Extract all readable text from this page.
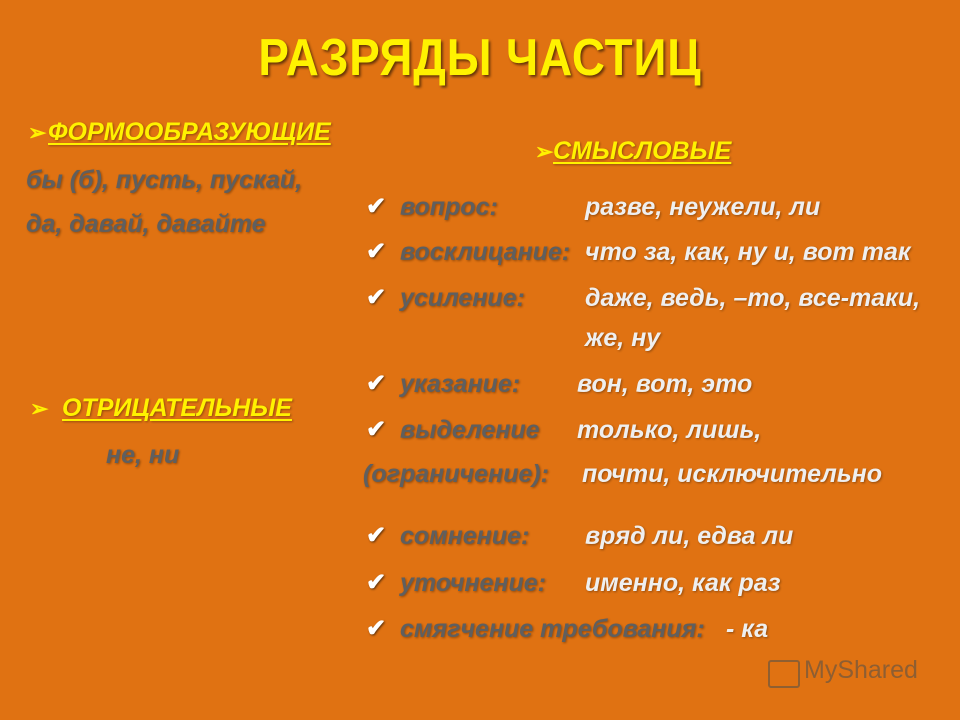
РАЗРЯДЫ ЧАСТИЦ
➢ ФОРМООБРАЗУЮЩИЕ
бы (б), пусть, пускай,
да, давай, давайте
➢ ОТРИЦАТЕЛЬНЫЕ
не, ни
➢ СМЫСЛОВЫЕ
✔ вопрос:	разве, неужели, ли
✔ восклицание: что за, как, ну и, вот так
✔ усиление: даже, ведь, –то, все-таки,
же, ну
✔ указание: вон, вот, это
✔ выделение только, лишь,
(ограничение): почти, исключительно
✔ сомнение: вряд ли, едва ли
✔ уточнение: именно, как раз
✔ смягчение требования: - ка
MyShared
